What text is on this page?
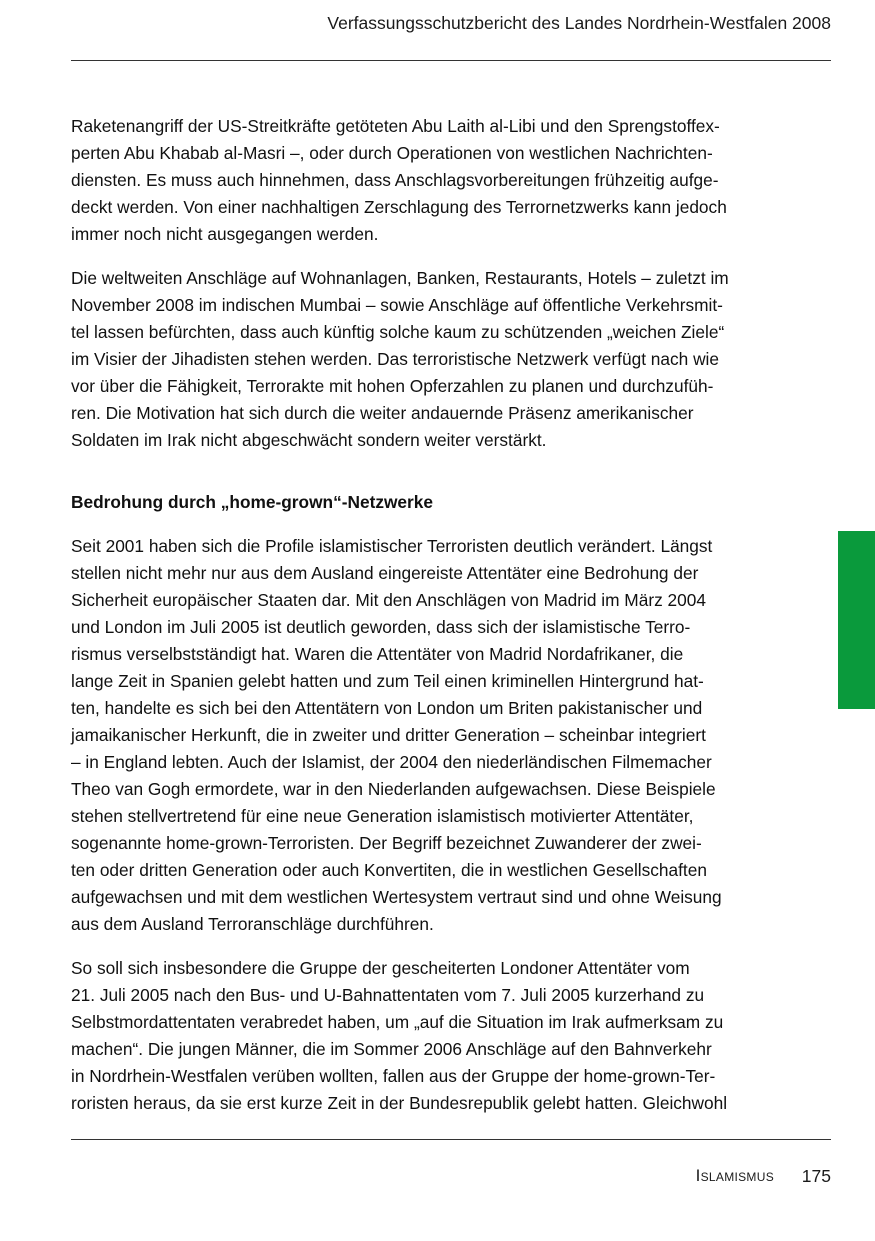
Verfassungsschutzbericht des Landes Nordrhein-Westfalen 2008
Raketenangriff der US-Streitkräfte getöteten Abu Laith al-Libi und den Sprengstoffex-
perten Abu Khabab al-Masri –, oder durch Operationen von westlichen Nachrichten-
diensten. Es muss auch hinnehmen, dass Anschlagsvorbereitungen frühzeitig aufge-
deckt werden. Von einer nachhaltigen Zerschlagung des Terrornetzwerks kann jedoch
immer noch nicht ausgegangen werden.
Die weltweiten Anschläge auf Wohnanlagen, Banken, Restaurants, Hotels – zuletzt im
November 2008 im indischen Mumbai – sowie Anschläge auf öffentliche Verkehrsmit-
tel lassen befürchten, dass auch künftig solche kaum zu schützenden „weichen Ziele“
im Visier der Jihadisten stehen werden. Das terroristische Netzwerk verfügt nach wie
vor über die Fähigkeit, Terrorakte mit hohen Opferzahlen zu planen und durchzufüh-
ren. Die Motivation hat sich durch die weiter andauernde Präsenz amerikanischer
Soldaten im Irak nicht abgeschwächt sondern weiter verstärkt.
Bedrohung durch „home-grown“-Netzwerke
Seit 2001 haben sich die Profile islamistischer Terroristen deutlich verändert. Längst
stellen nicht mehr nur aus dem Ausland eingereiste Attentäter eine Bedrohung der
Sicherheit europäischer Staaten dar. Mit den Anschlägen von Madrid im März 2004
und London im Juli 2005 ist deutlich geworden, dass sich der islamistische Terro-
rismus verselbstständigt hat. Waren die Attentäter von Madrid Nordafrikaner, die
lange Zeit in Spanien gelebt hatten und zum Teil einen kriminellen Hintergrund hat-
ten, handelte es sich bei den Attentätern von London um Briten pakistanischer und
jamaikanischer Herkunft, die in zweiter und dritter Generation – scheinbar integriert
– in England lebten. Auch der Islamist, der 2004 den niederländischen Filmemacher
Theo van Gogh ermordete, war in den Niederlanden aufgewachsen. Diese Beispiele
stehen stellvertretend für eine neue Generation islamistisch motivierter Attentäter,
sogenannte home-grown-Terroristen. Der Begriff bezeichnet Zuwanderer der zwei-
ten oder dritten Generation oder auch Konvertiten, die in westlichen Gesellschaften
aufgewachsen und mit dem westlichen Wertesystem vertraut sind und ohne Weisung
aus dem Ausland Terroranschläge durchführen.
So soll sich insbesondere die Gruppe der gescheiterten Londoner Attentäter vom
21. Juli 2005 nach den Bus- und U-Bahnattentaten vom 7. Juli 2005 kurzerhand zu
Selbstmordattentaten verabredet haben, um „auf die Situation im Irak aufmerksam zu
machen“. Die jungen Männer, die im Sommer 2006 Anschläge auf den Bahnverkehr
in Nordrhein-Westfalen verüben wollten, fallen aus der Gruppe der home-grown-Ter-
roristen heraus, da sie erst kurze Zeit in der Bundesrepublik gelebt hatten. Gleichwohl
Islamismus 175
